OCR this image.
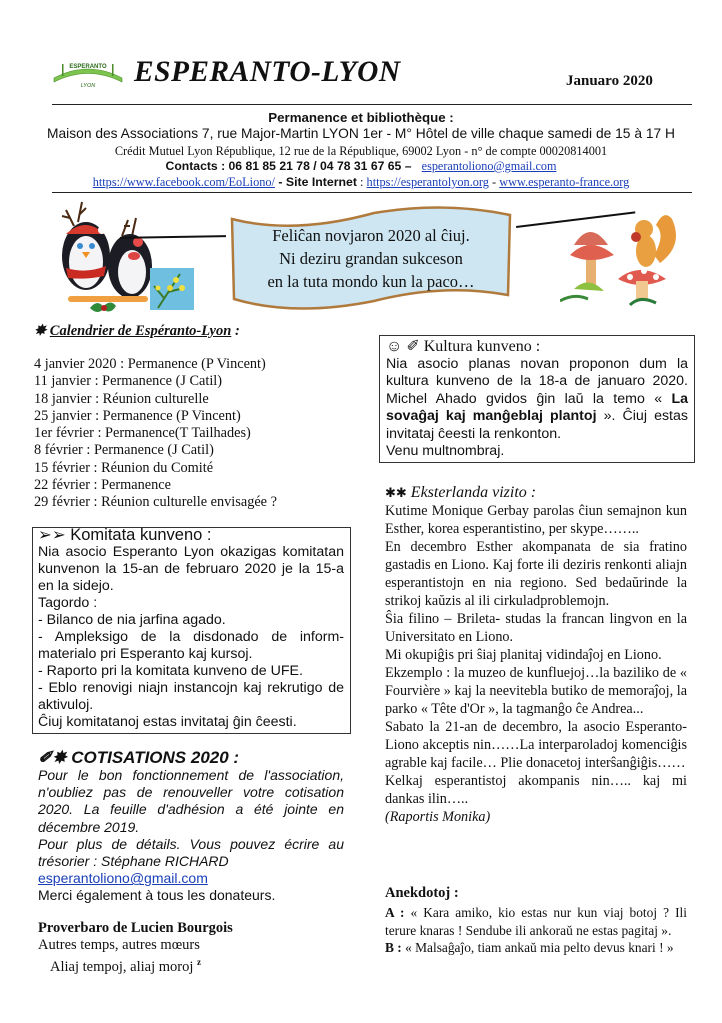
ESPERANTO
LYON ESPERANTO-LYON	Januaro 2020
Permanence et bibliothèque :
Maison des Associations 7, rue Major-Martin LYON 1er - M° Hôtel de ville chaque samedi de 15 à 17 H
Crédit Mutuel Lyon République, 12 rue de la République, 69002 Lyon - n° de compte 00020814001
Contacts : 06 81 85 21 78 / 04 78 31 67 65 – esperantoliono@gmail.com
https://www.facebook.com/EoLiono/ - Site Internet : https://esperantolyon.org - www.esperanto-france.org
Feliĉan novjaron 2020 al ĉiuj.
Ni deziru grandan sukceson
en la tuta mondo kun la paco…
✸ Calendrier de Espéranto-Lyon :
4 janvier 2020 : Permanence (P Vincent)
11 janvier : Permanence (J Catil)
18 janvier : Réunion culturelle
25 janvier : Permanence (P Vincent)
1er février : Permanence(T Tailhades)
8 février : Permanence (J Catil)
15 février : Réunion du Comité
22 février : Permanence
29 février : Réunion culturelle envisagée ?
➢➢ Komitata kunveno :

Nia asocio Esperanto Lyon okazigas komitatan kunvenon la 15-an de februaro 2020 je la 15-a en la sidejo.

Tagordo :

- Bilanco de nia jarfina agado.

- Ampleksigo de la disdonado de inform-materialo pri Esperanto kaj kursoj.

- Raporto pri la komitata kunveno de UFE.

- Eblo renovigi niajn instancojn kaj rekrutigo de aktivuloj.

Ĉiuj komitatanoj estas invitataj ĝin ĉeesti.

✐✸ COTISATIONS 2020 :

Pour le bon fonctionnement de l'association, n'oubliez pas de renouveller votre cotisation 2020. La feuille d'adhésion a été jointe en décembre 2019.

Pour plus de détails. Vous pouvez écrire au trésorier : Stéphane RICHARD

esperantoliono@gmail.com

Merci également à tous les donateurs.

Proverbaro de Lucien Bourgois

Autres temps, autres mœurs

Aliaj tempoj, aliaj moroj $^z$

☺ ✐ Kultura kunveno :

Nia asocio planas novan proponon dum la kultura kunveno de la 18-a de januaro 2020. Michel Ahado gvidos ĝin laŭ la temo « La sovaĝaj kaj manĝeblaj plantoj ». Ĉiuj estas invitataj ĉeesti la renkonton.

Venu multnombraj.

✱✱ Eksterlanda vizito :

Kutime Monique Gerbay parolas ĉiun semajnon kun Esther, korea esperantistino, per skype……..

En decembro Esther akompanata de sia fratino gastadis en Liono. Kaj forte ili deziris renkonti aliajn esperantistojn en nia regiono. Sed bedaŭrinde la strikoj kaŭzis al ili cirkuladproblemojn.

Ŝia filino – Brileta- studas la francan lingvon en la Universitato en Liono.

Mi okupiĝis pri ŝiaj planitaj vidindaĵoj en Liono.

Ekzemplo : la muzeo de kunfluejoj…la baziliko de « Fourvière » kaj la neevitebla butiko de memoraĵoj, la parko « Tête d'Or », la tagmanĝo ĉe Andrea...

Sabato la 21-an de decembro, la asocio Esperanto-Liono akceptis nin……La interparoladoj komenciĝis agrable kaj facile… Plie donacetoj interŝanĝiĝis……

Kelkaj esperantistoj akompanis nin….. kaj mi dankas ilin…..

(Raportis Monika)

Anekdotoj :

A : « Kara amiko, kio estas nur kun viaj botoj ? Ili terure knaras ! Sendube ili ankoraŭ ne estas pagitaj ».

B : « Malsaĝaĵo, tiam ankaŭ mia pelto devus knari ! »
